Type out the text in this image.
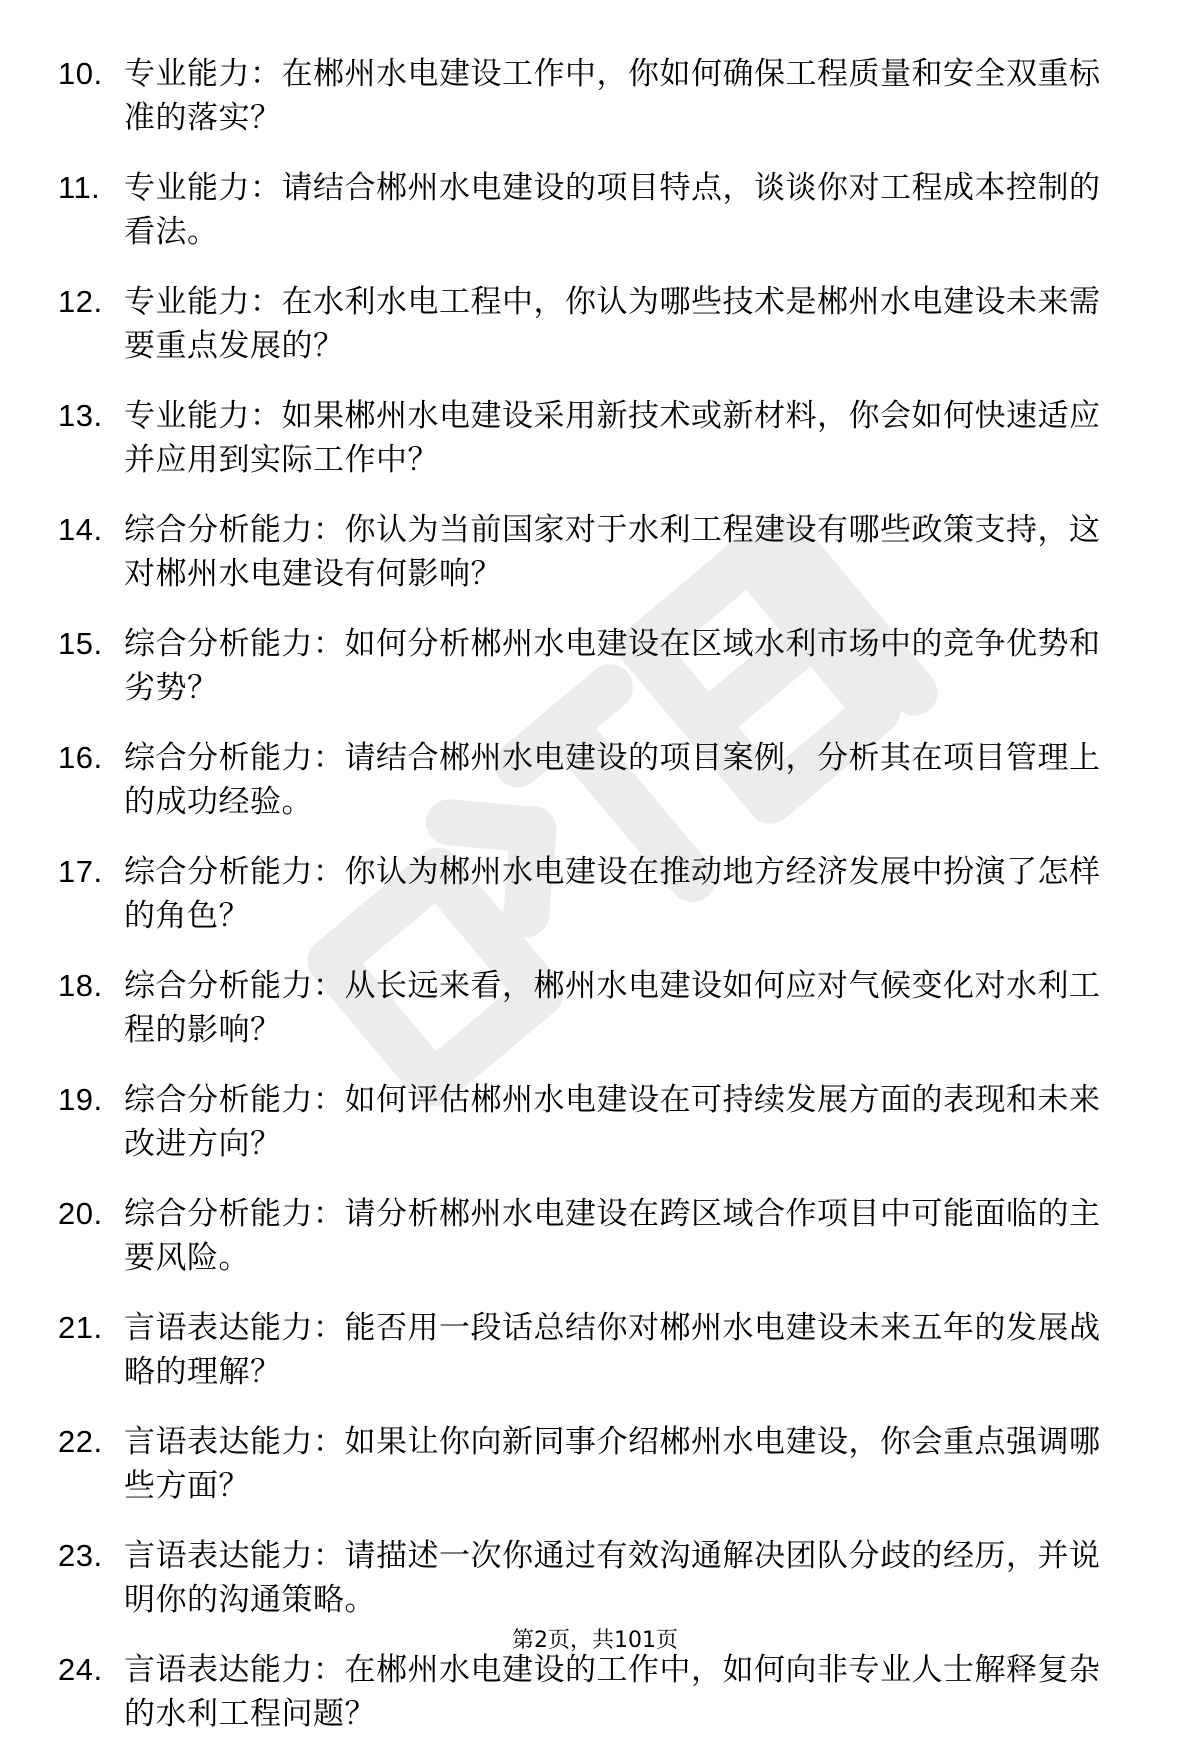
10. 专业能力：在郴州水电建设工作中，你如何确保工程质量和安全双重标准的落实？
11. 专业能力：请结合郴州水电建设的项目特点，谈谈你对工程成本控制的看法。
12. 专业能力：在水利水电工程中，你认为哪些技术是郴州水电建设未来需要重点发展的？
13. 专业能力：如果郴州水电建设采用新技术或新材料，你会如何快速适应并应用到实际工作中？
14. 综合分析能力：你认为当前国家对于水利工程建设有哪些政策支持，这对郴州水电建设有何影响？
15. 综合分析能力：如何分析郴州水电建设在区域水利市场中的竞争优势和劣势？
16. 综合分析能力：请结合郴州水电建设的项目案例，分析其在项目管理上的成功经验。
17. 综合分析能力：你认为郴州水电建设在推动地方经济发展中扮演了怎样的角色？
18. 综合分析能力：从长远来看，郴州水电建设如何应对气候变化对水利工程的影响？
19. 综合分析能力：如何评估郴州水电建设在可持续发展方面的表现和未来改进方向？
20. 综合分析能力：请分析郴州水电建设在跨区域合作项目中可能面临的主要风险。
21. 言语表达能力：能否用一段话总结你对郴州水电建设未来五年的发展战略的理解？
22. 言语表达能力：如果让你向新同事介绍郴州水电建设，你会重点强调哪些方面？
23. 言语表达能力：请描述一次你通过有效沟通解决团队分歧的经历，并说明你的沟通策略。
24. 言语表达能力：在郴州水电建设的工作中，如何向非专业人士解释复杂的水利工程问题？
第2页，共101页
